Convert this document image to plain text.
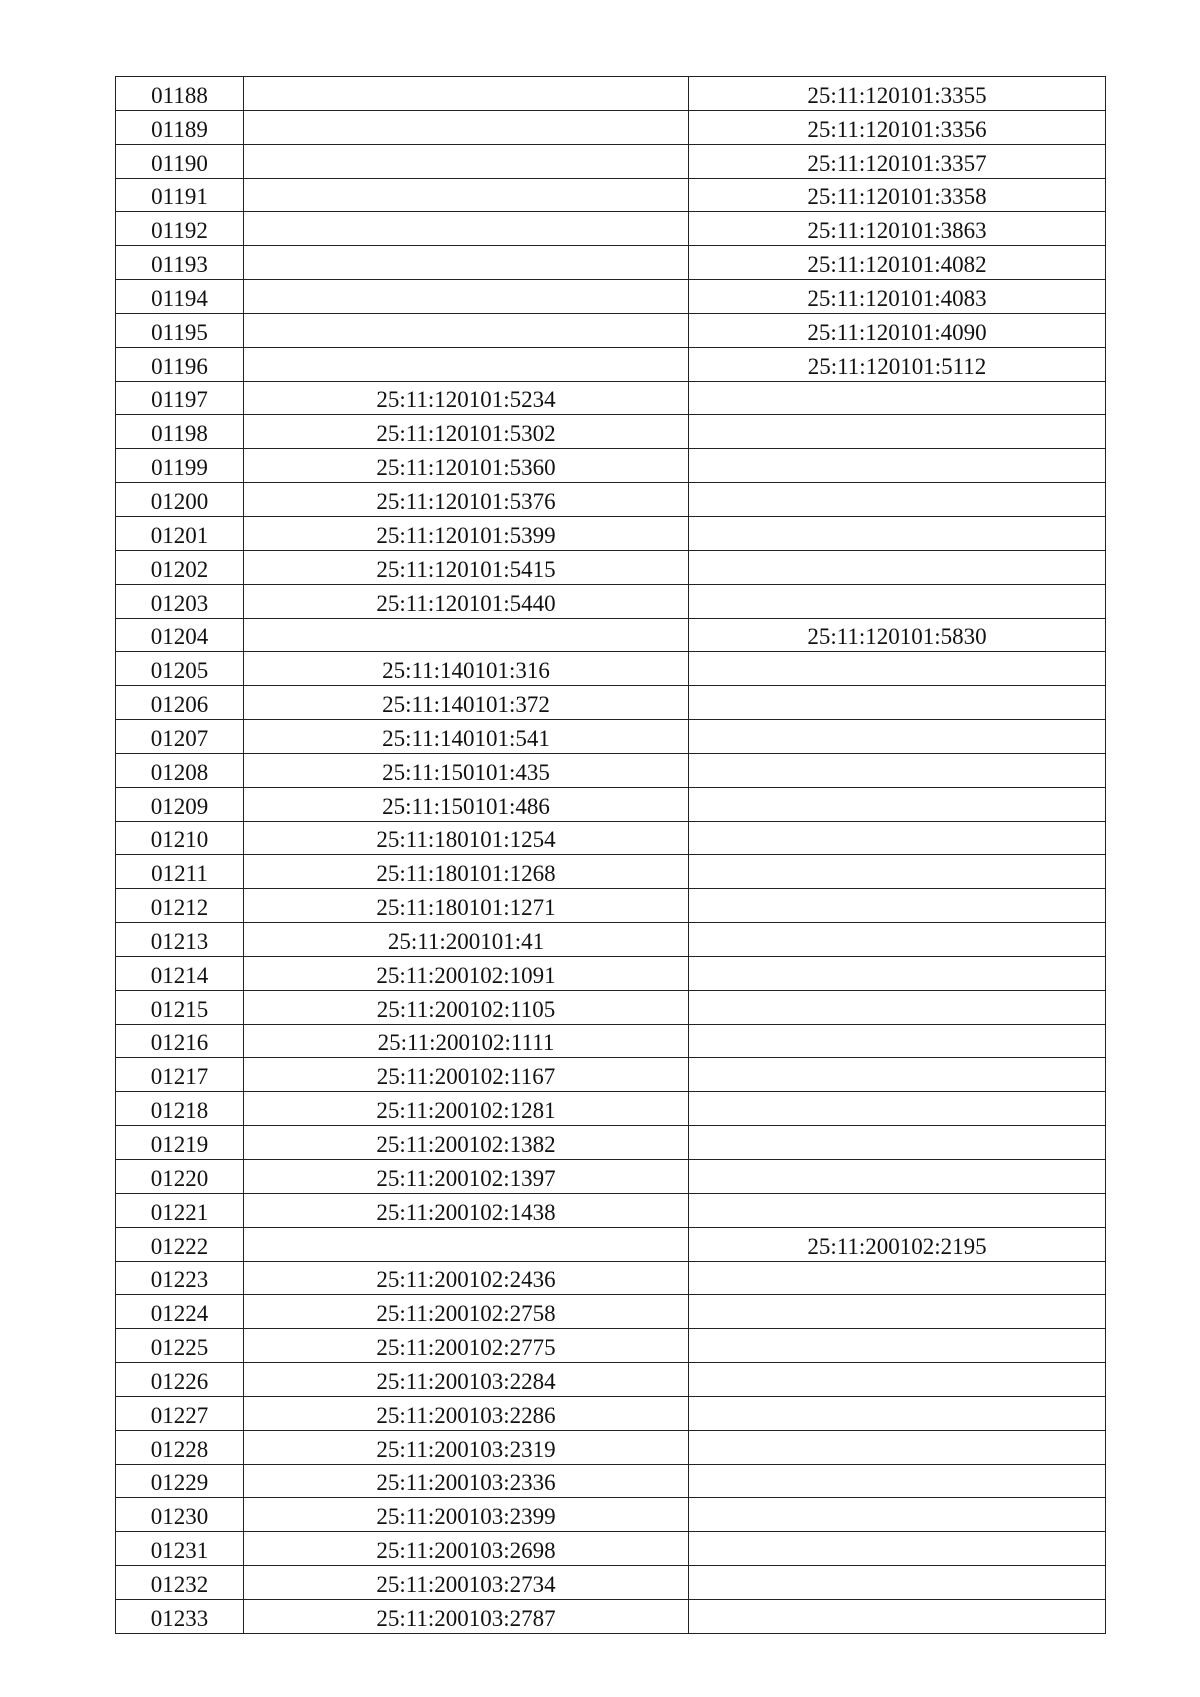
01188		25:11:120101:3355
01189		25:11:120101:3356
01190		25:11:120101:3357
01191		25:11:120101:3358
01192		25:11:120101:3863
01193		25:11:120101:4082
01194		25:11:120101:4083
01195		25:11:120101:4090
01196		25:11:120101:5112
01197	25:11:120101:5234	
01198	25:11:120101:5302	
01199	25:11:120101:5360	
01200	25:11:120101:5376	
01201	25:11:120101:5399	
01202	25:11:120101:5415	
01203	25:11:120101:5440	
01204		25:11:120101:5830
01205	25:11:140101:316	
01206	25:11:140101:372	
01207	25:11:140101:541	
01208	25:11:150101:435	
01209	25:11:150101:486	
01210	25:11:180101:1254	
01211	25:11:180101:1268	
01212	25:11:180101:1271	
01213	25:11:200101:41	
01214	25:11:200102:1091	
01215	25:11:200102:1105	
01216	25:11:200102:1111	
01217	25:11:200102:1167	
01218	25:11:200102:1281	
01219	25:11:200102:1382	
01220	25:11:200102:1397	
01221	25:11:200102:1438	
01222		25:11:200102:2195
01223	25:11:200102:2436	
01224	25:11:200102:2758	
01225	25:11:200102:2775	
01226	25:11:200103:2284	
01227	25:11:200103:2286	
01228	25:11:200103:2319	
01229	25:11:200103:2336	
01230	25:11:200103:2399	
01231	25:11:200103:2698	
01232	25:11:200103:2734	
01233	25:11:200103:2787	
